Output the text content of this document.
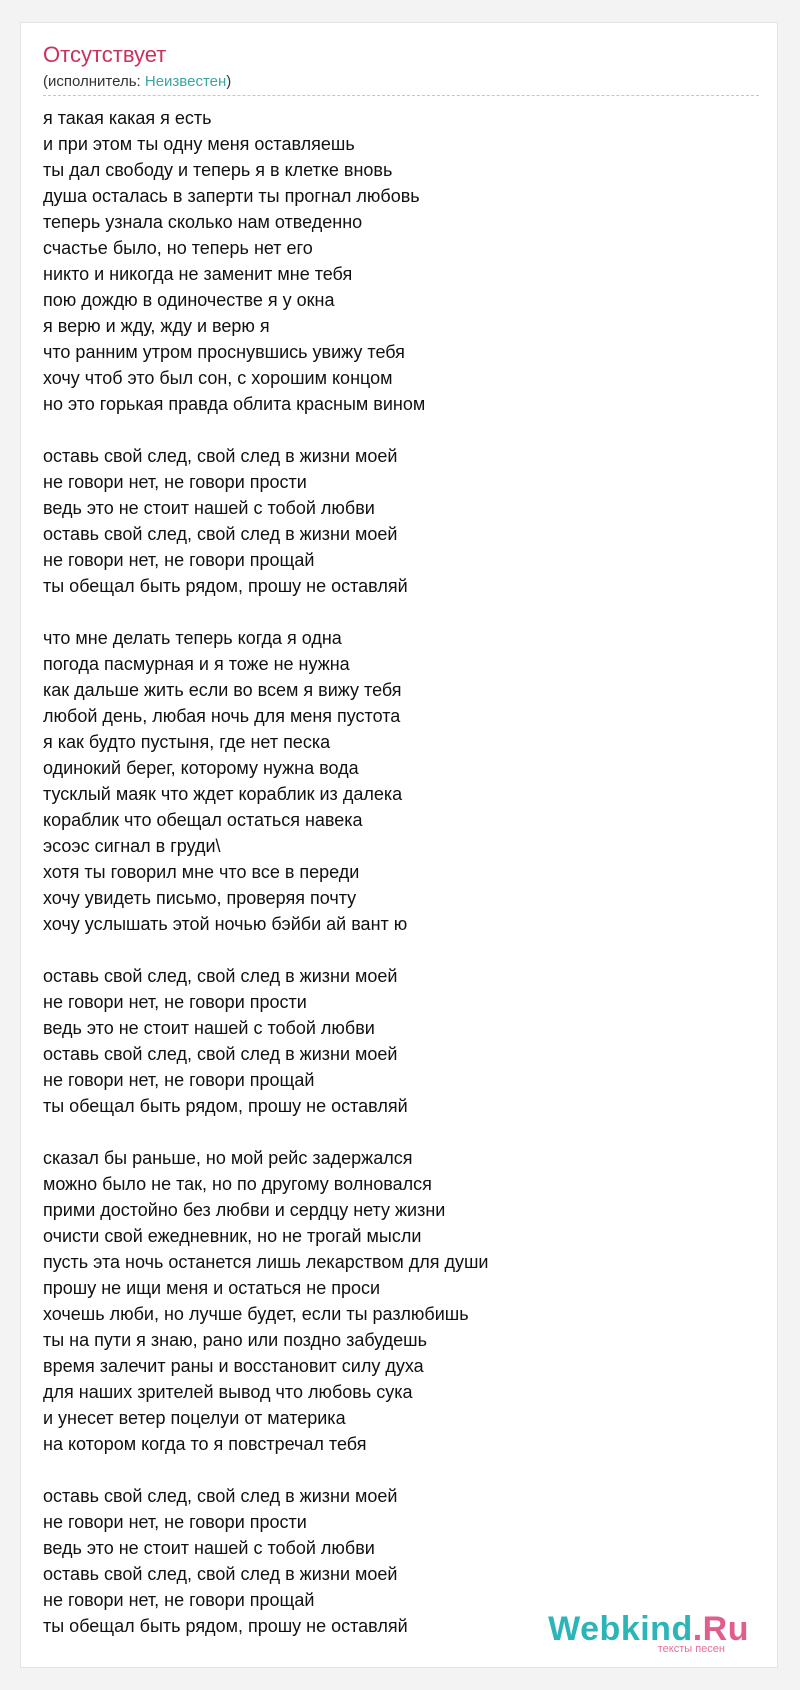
Отсутствует
(исполнитель: Неизвестен)
я такая какая я есть
и при этом ты одну меня оставляешь
ты дал свободу и теперь я в клетке вновь
душа осталась в заперти ты прогнал любовь
теперь узнала сколько нам отведенно
счастье было, но теперь нет его
никто и никогда не заменит мне тебя
пою дождю в одиночестве я у окна
я верю и жду, жду и верю я
что ранним утром проснувшись увижу тебя
хочу чтоб это был сон, с хорошим концом
но это горькая правда облита красным вином
оставь свой след, свой след в жизни моей
не говори нет, не говори прости
ведь это не стоит нашей с тобой любви
оставь свой след, свой след в жизни моей
не говори нет, не говори прощай
ты обещал быть рядом, прошу не оставляй
что мне делать теперь когда я одна
погода пасмурная и я тоже не нужна
как дальше жить если во всем я вижу тебя
любой день, любая ночь для меня пустота
я как будто пустыня, где нет песка
одинокий берег, которому нужна вода
тусклый маяк что ждет кораблик из далека
кораблик что обещал остаться навека
эсоэс сигнал в груди\
хотя ты говорил мне что все в переди
хочу увидеть письмо, проверяя почту
хочу услышать этой ночью бэйби ай вант ю
оставь свой след, свой след в жизни моей
не говори нет, не говори прости
ведь это не стоит нашей с тобой любви
оставь свой след, свой след в жизни моей
не говори нет, не говори прощай
ты обещал быть рядом, прошу не оставляй
сказал бы раньше, но мой рейс задержался
можно было не так, но по другому волновался
прими достойно без любви и сердцу нету жизни
очисти свой ежедневник, но не трогай мысли
пусть эта ночь останется лишь лекарством для души
прошу не ищи меня и остаться не проси
хочешь люби, но лучше будет, если ты разлюбишь
ты на пути я знаю, рано или поздно забудешь
время залечит раны и восстановит силу духа
для наших зрителей вывод что любовь сука
и унесет ветер поцелуи от материка
на котором когда то я повстречал тебя
оставь свой след, свой след в жизни моей
не говори нет, не говори прости
ведь это не стоит нашей с тобой любви
оставь свой след, свой след в жизни моей
не говори нет, не говори прощай
ты обещал быть рядом, прошу не оставляй	Webkind.Ru
тексты песен
